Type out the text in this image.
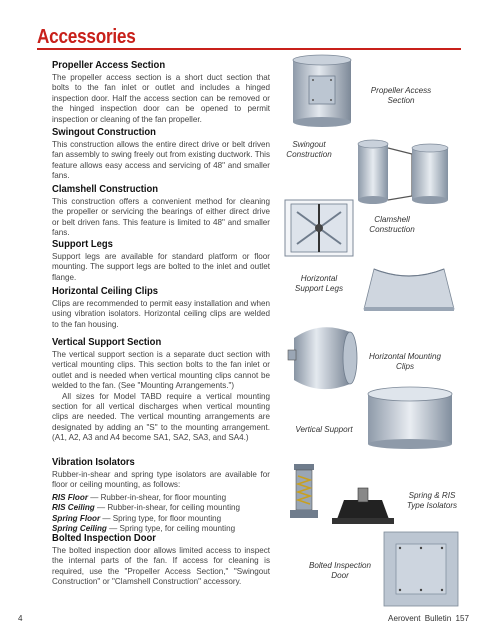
Accessories
Propeller Access Section

The propeller access section is a short duct section that bolts to the fan inlet or outlet and includes a hinged inspection door. Half the access section can be removed or the hinged inspection door can be opened to permit inspection or cleaning of the fan propeller.

Swingout Construction

This construction allows the entire direct drive or belt driven fan assembly to swing freely out from existing ductwork. This feature allows easy access and servicing of 48" and smaller fans.

Clamshell Construction

This construction offers a convenient method for cleaning the propeller or servicing the bearings of either direct drive or belt driven fans. This feature is limited to 48" and smaller fans.

Support Legs

Support legs are available for standard platform or floor mounting. The support legs are bolted to the inlet and outlet flange.

Horizontal Ceiling Clips

Clips are recommended to permit easy installation and when using vibration isolators. Horizontal ceiling clips are welded to the fan housing.

Vertical Support Section

The vertical support section is a separate duct section with vertical mounting clips. This section bolts to the fan inlet or outlet and is needed when vertical mounting clips cannot be welded to the fan. (See "Mounting Arrangements.")

All sizes for Model TABD require a vertical mounting section for all vertical discharges when vertical mounting clips are needed. The vertical mounting arrangements are designated by adding an "S" to the mounting arrangement. (A1, A2, A3 and A4 become SA1, SA2, SA3, and SA4.)

Vibration Isolators

Rubber-in-shear and spring type isolators are available for floor or ceiling mounting, as follows:

RIS Floor — Rubber-in-shear, for floor mounting
RIS Ceiling — Rubber-in-shear, for ceiling mounting
Spring Floor — Spring type, for floor mounting
Spring Ceiling — Spring type, for ceiling mounting
Bolted Inspection Door

The bolted inspection door allows limited access to inspect the internal parts of the fan. If access for cleaning is required, use the "Propeller Access Section," "Swingout Construction" or "Clamshell Construction" accessory.

Propeller Access Section
Swingout Construction
Clamshell Construction
Horizontal Support Legs
Horizontal Mounting Clips
Vertical Support
Spring & RIS Type Isolators
Bolted Inspection Door
4	Aerovent Bulletin 157
